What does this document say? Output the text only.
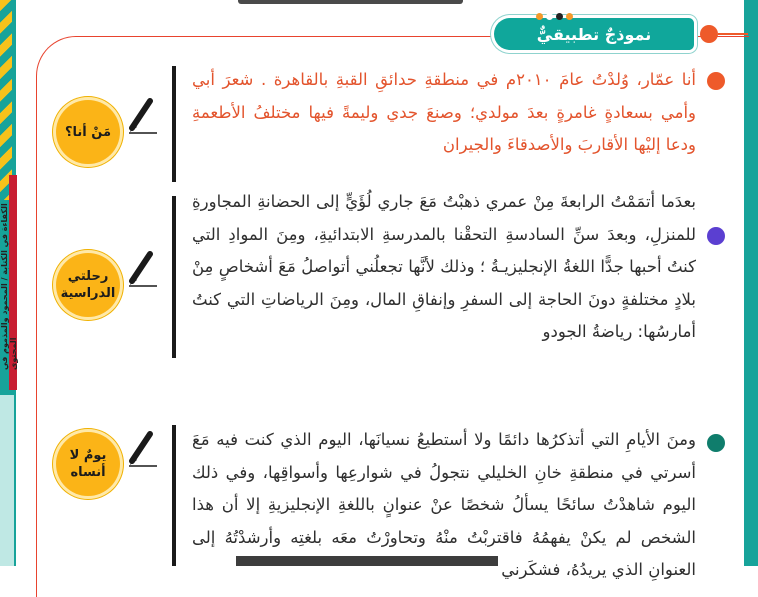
الكفاءة في الكتابة / المحمود والمذموم في المحتوى
نموذجٌ تطبيقيٌّ
أنا عمّار، وُلدْتُ عامَ ٢٠١٠م في منطقةِ حدائقِ القبةِ بالقاهرة . شعرَ أبي وأمي بسعادةٍ غامرةٍ بعدَ مولدي؛ وصنعَ جدي وليمةً فيها مختلفُ الأطعمةِ ودعا إليْها الأقاربَ والأصدقاءَ والجيران
مَنْ أنا؟
بعدَما أتمَمْتُ الرابعةَ مِنْ عمري ذهبْتُ مَعَ جاري لُؤَيٍّ إلى الحضانةِ المجاورةِ للمنزلِ، وبعدَ سنِّ السادسةِ التحقْنا بالمدرسةِ الابتدائيةِ، ومِنَ الموادِ التي كنتُ أحبها جدًّا اللغةُ الإنجليزيـةُ ؛ وذلك لأنَّها تجعلُني أتواصلُ مَعَ أشخاصٍ مِنْ بلادٍ مختلفةٍ دونَ الحاجة إلى السفرِ وإنفاقِ المال، ومِنَ الرياضاتِ التي كنتُ أمارسُها: رياضةُ الجودو
رحلتي الدراسية
ومنَ الأيامِ التي أتذكرُها دائمًا ولا أستطيعُ نسيانَها، اليوم الذي كنت فيه مَعَ أسرتي في منطقةِ خانِ الخليلي نتجولُ في شوارعِها وأسواقِها، وفي ذلك اليوم شاهدْتُ سائحًا يسألُ شخصًا عنْ عنوانٍ باللغةِ الإنجليزيةِ إلا أن هذا الشخص لم يكنْ يفهمُهُ فاقتربْتُ منْهُ وتحاورْتُ معَه بلغتِه وأرشدْتُهُ إلى العنوانِ الذي يريدُهُ، فشكَرني
يومٌ لا أنساه
